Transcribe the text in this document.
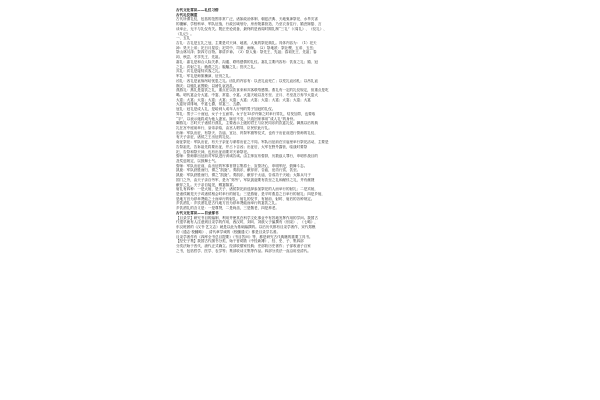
古代文化常识——礼仪习俗
古代礼仪制度
古代所谓礼仪，包括的范围非常广泛，诸如政治体制、朝廷法典、天地鬼神祭祀、水旱灾害
的禳解、学校科举、军队征战，行政区域划分，房舍陵墓营造，乃至衣食住行、婚丧嫁娶、言
谈举止，无不与礼仪有关。既正史论说备，最终的是西周时期礼制“三礼”（《周礼》、《仪礼》、
《礼记》。
一、五礼
吉礼：吉礼是五礼之冠，主要是对天神、地祇、人鬼的祭祀典礼。具体内容为：（1）祀天
神：昊天上帝；祀日月星辰；祀司中、司命、雨师。（2）祭地祇：祭社稷、五帝、五岳；
祭山林川泽；祭四方百物。即讲乡神。（3）祭人鬼：祭先王，先祖；春祠先王、先祖；春
祠、秋尝，冬享先王、先祖。
嘉礼：嘉礼是和合人际关系、沟通、联络感情的礼仪。嘉礼主要内容有：饮食之礼；婚、冠
之礼；宾射之礼；飨燕之礼；脤膰之礼；贺庆之礼。
宾礼：宾礼是接待宾客之礼。
军礼：军礼是师旅操演、征伐之礼。
凶礼：凶礼是哀悯吊唁忧患之礼。凶礼的内容有：以丧礼哀死亡；以荒礼哀凶札；以吊礼哀
祸灾；以恤礼哀围败；以襘礼哀寇乱。
燕燕礼：燕礼是宴饮之礼，重点在以饮食来和宾客联络感情。燕礼有一定的礼仪规定，但重点是吃
喝。明代宴会分大宴、中宴、常宴、小宴。大宴天地以及冬至、正月、冬至及万寿节大宴大
大宴；大宴；大宴；大宴；大宴；大宴；大宴；大宴；大宴；大宴；大宴；大宴；大宴
大宴好讲排场，中宴七爵，常宴三、五爵。
冠礼：冠礼是成人礼，是给到入成年人行列的男子加冠的礼仪。
笄礼：男子二十而冠，女子十五而笄。女子在15岁许嫁之时举行笄礼，结发加笄，也要取
“字”，以表示她将成为他人妻室。嫁后不变，只改回家事用“成人礼”的身份。
御燕礼：古时天子诸侯行燕礼，主要表示上级的君王与臣民同乐的饮宴礼仪。御燕以后的典
礼在宫中庭前举行，皇帝亲临，由宫人唱导，臣民依此行礼。
出师：军队出征，有祭天、告庙、宜社、祃祭军旗等仪式，也有于出征前进行誓师的礼仪，
有天子亲征，诸侯之王出征的礼仪。
南征祭祀：军队出征，有天子亲征与命将出征之不同。军队出征前在宗庙里举行祭祀活动，主要是
告祭祖先，告诉祖先将要出征，并占卜吉凶；出征后，大军在野外露营，临战时要祭
祀、告祭和祭天神，也有出征前要对天神祭祀。
誓师：誓师即出征前对军队进行训诫告诫。由主帅宣布誓辞，历数敌人罪行，申明作战目的
及奖惩规定，以鼓舞士气。
誓师：军队出征前，由出征的军事首领召集将士，宣誓决心，申明军纪，鼓舞斗志。
凯旋：军队获胜而归，谓之“凯旋”。奏凯乐，献俘虏，告庙，论功行赏，饮至。
凯旋：军队获胜而归，谓之“凯旋”。奏凯乐，献俘于太庙，告成功于天地；大陈兵马于
国门之外，由天子亲自劳军，是为“郊劳”。军队凯旋要有饮至之礼和献俘之礼，并有献捷
献俘之礼。天子亲自接见，赐宴犒赏。
射礼有四种：一是大射，是天子、诸侯祭祀前选择参加祭祀的人而举行的射礼；二是宾射，
是诸侯朝见天子或诸侯相会时举行的射礼；三是燕射，是平时燕息之日举行的射礼；四是乡射，
是地方官为荐举贤能之士而举行的射礼。射礼的仪节，有射前、射时、射后的各种规定。
乡饮酒礼：乡饮酒礼是古代地方官为荐举贤能而举行的宴饮之礼。
乡饮酒礼的含义是：一是尊贤，二是尚齿，三是敬老，四是养老。
古代文化常识——目录部书
【目录学】研究书目的编制、利用并使其在科学文化事业中有效地发挥作用的学问。我国古
代很早就有人注意到目录学的作用，西汉时，刘向、刘歆父子编撰有《别录》、《七略》，
东汉班固的《汉书·艺文志》就是以此为基础编撰的。以后历代都有目录学著作，宋代郑樵
的《通志·校雠略》、清代章学诚的《校雠通义》都是目录学名著。
目录学著作有《四库全书总目提要》《书目答问》等，都是研究古代典籍的重要工具书。
【经史子集】我国古代图书分类，始于晋荀勖《中经新簿》，经、史、子、集四部
分类法始于晋代，唐代正式确立。经部收儒家经典；史部收历史著作；子部收诸子百家
之书，包括哲学、医学、农学等；集部收诗文集等作品。四部分类法一直沿用至清代。
